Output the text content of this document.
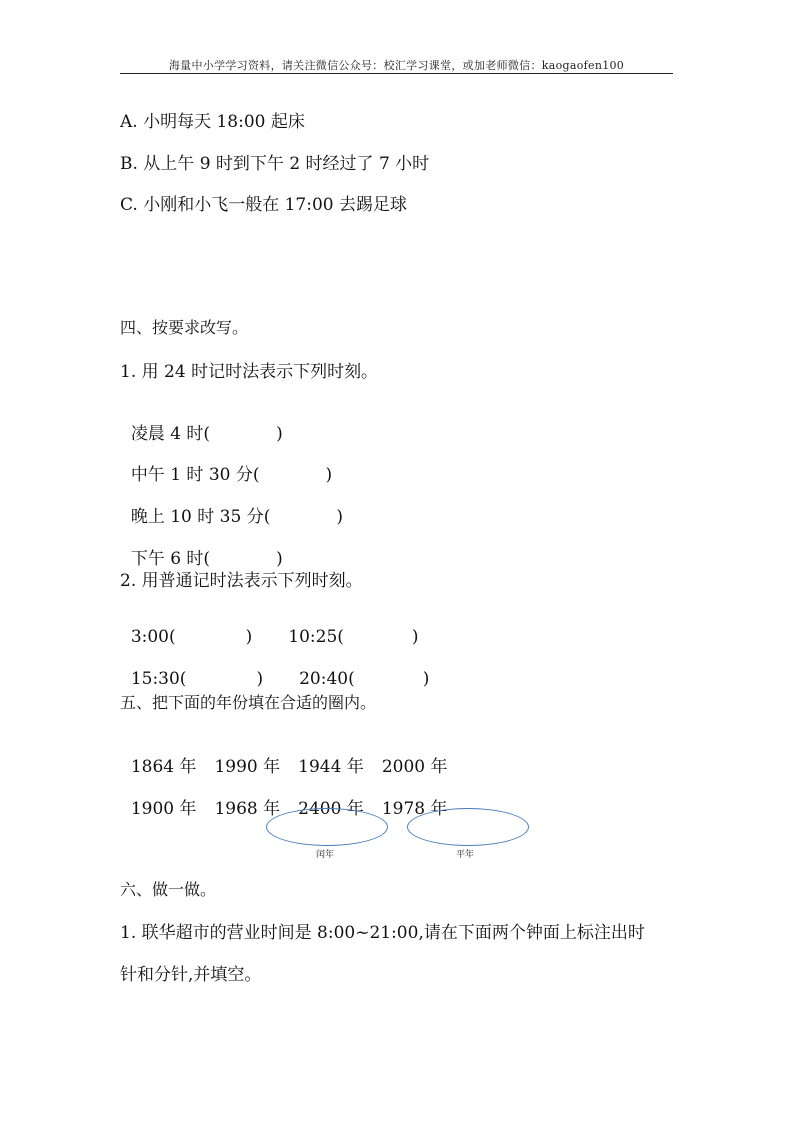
海量中小学学习资料，请关注微信公众号：校汇学习课堂，或加老师微信：kaogaofen100
A. 小明每天 18:00 起床
B. 从上午 9 时到下午 2 时经过了 7 小时
C. 小刚和小飞一般在 17:00 去踢足球
四、按要求改写。
1. 用 24 时记时法表示下列时刻。

凌晨 4 时(	)

中午 1 时 30 分(	)

晚上 10 时 35 分(	)

下午 6 时(	)

2. 用普通记时法表示下列时刻。

3:00(	) 10:25(	)

15:30(	) 20:40(	)

五、把下面的年份填在合适的圈内。

1864 年 1990 年 1944 年 2000 年

1900 年 1968 年 2400 年 1978 年

闰年	平年
六、做一做。
1. 联华超市的营业时间是 8:00~21:00,请在下面两个钟面上标注出时
针和分针,并填空。
